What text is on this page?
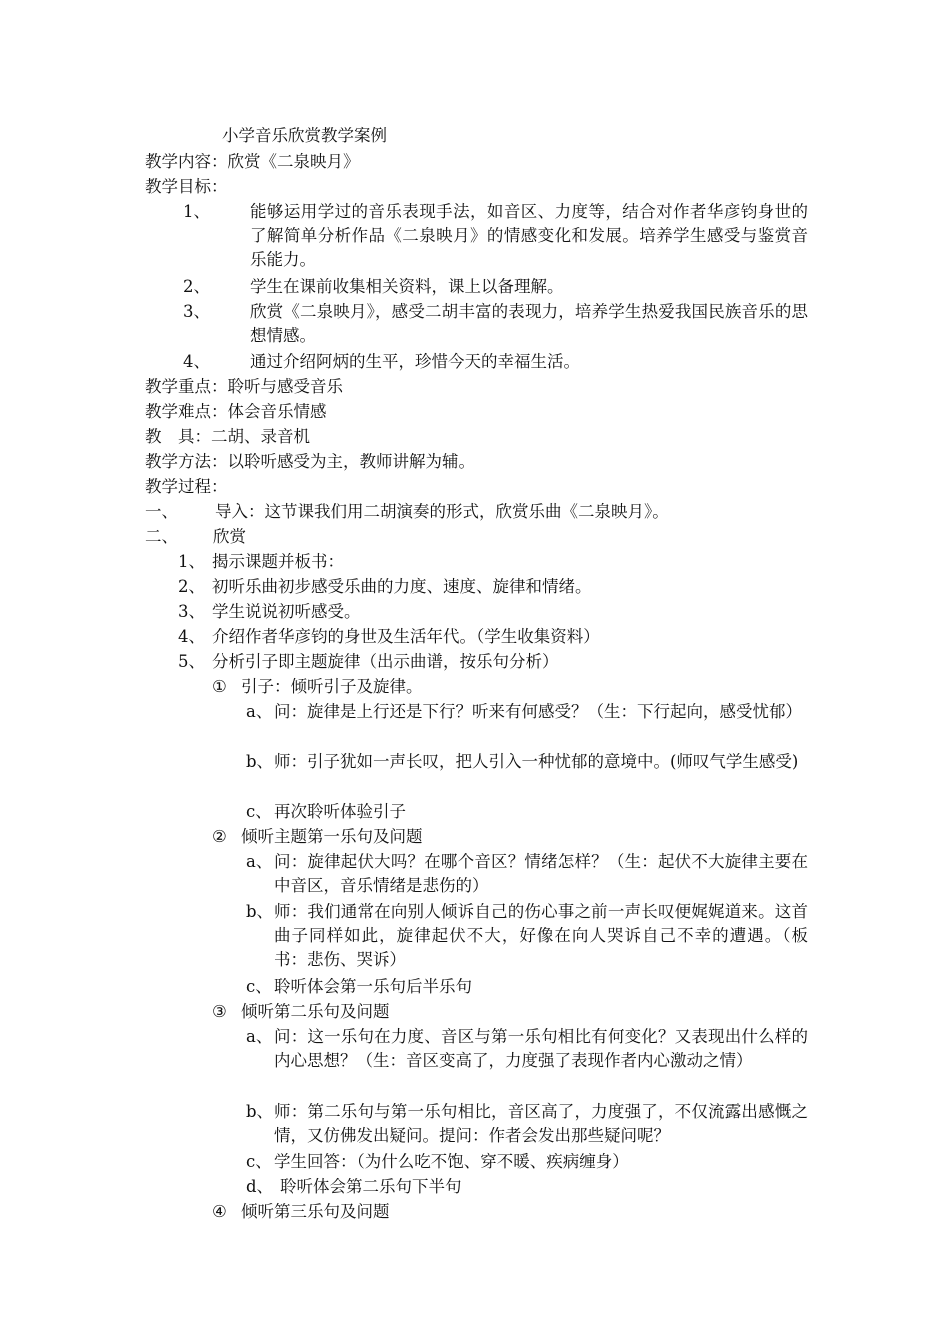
小学音乐欣赏教学案例
教学内容：欣赏《二泉映月》
教学目标：
1、 能够运用学过的音乐表现手法，如音区、力度等，结合对作者华彦钧身世的了解简单分析作品《二泉映月》的情感变化和发展。培养学生感受与鉴赏音乐能力。
2、 学生在课前收集相关资料，课上以备理解。
3、 欣赏《二泉映月》，感受二胡丰富的表现力，培养学生热爱我国民族音乐的思想情感。
4、 通过介绍阿炳的生平，珍惜今天的幸福生活。
教学重点：聆听与感受音乐
教学难点：体会音乐情感
教　具：二胡、录音机
教学方法：以聆听感受为主，教师讲解为辅。
教学过程：
一、 导入：这节课我们用二胡演奏的形式，欣赏乐曲《二泉映月》。
二、 欣赏
1、 揭示课题并板书：
2、 初听乐曲初步感受乐曲的力度、速度、旋律和情绪。
3、 学生说说初听感受。
4、 介绍作者华彦钧的身世及生活年代。（学生收集资料）
5、 分析引子即主题旋律（出示曲谱，按乐句分析）
① 引子：倾听引子及旋律。
a、 问：旋律是上行还是下行？听来有何感受？（生：下行起向，感受忧郁）
b、 师：引子犹如一声长叹，把人引入一种忧郁的意境中。(师叹气学生感受)
c、 再次聆听体验引子
② 倾听主题第一乐句及问题
a、 问：旋律起伏大吗？在哪个音区？情绪怎样？（生：起伏不大旋律主要在中音区，音乐情绪是悲伤的）
b、 师：我们通常在向别人倾诉自己的伤心事之前一声长叹便娓娓道来。这首曲子同样如此，旋律起伏不大，好像在向人哭诉自己不幸的遭遇。（板书：悲伤、哭诉）
c、 聆听体会第一乐句后半乐句
③ 倾听第二乐句及问题
a、 问：这一乐句在力度、音区与第一乐句相比有何变化？又表现出什么样的内心思想？（生：音区变高了，力度强了表现作者内心激动之情）
b、 师：第二乐句与第一乐句相比，音区高了，力度强了，不仅流露出感慨之情，又仿佛发出疑问。提问：作者会发出那些疑问呢？
c、 学生回答：（为什么吃不饱、穿不暖、疾病缠身）
d、 聆听体会第二乐句下半句
④ 倾听第三乐句及问题
